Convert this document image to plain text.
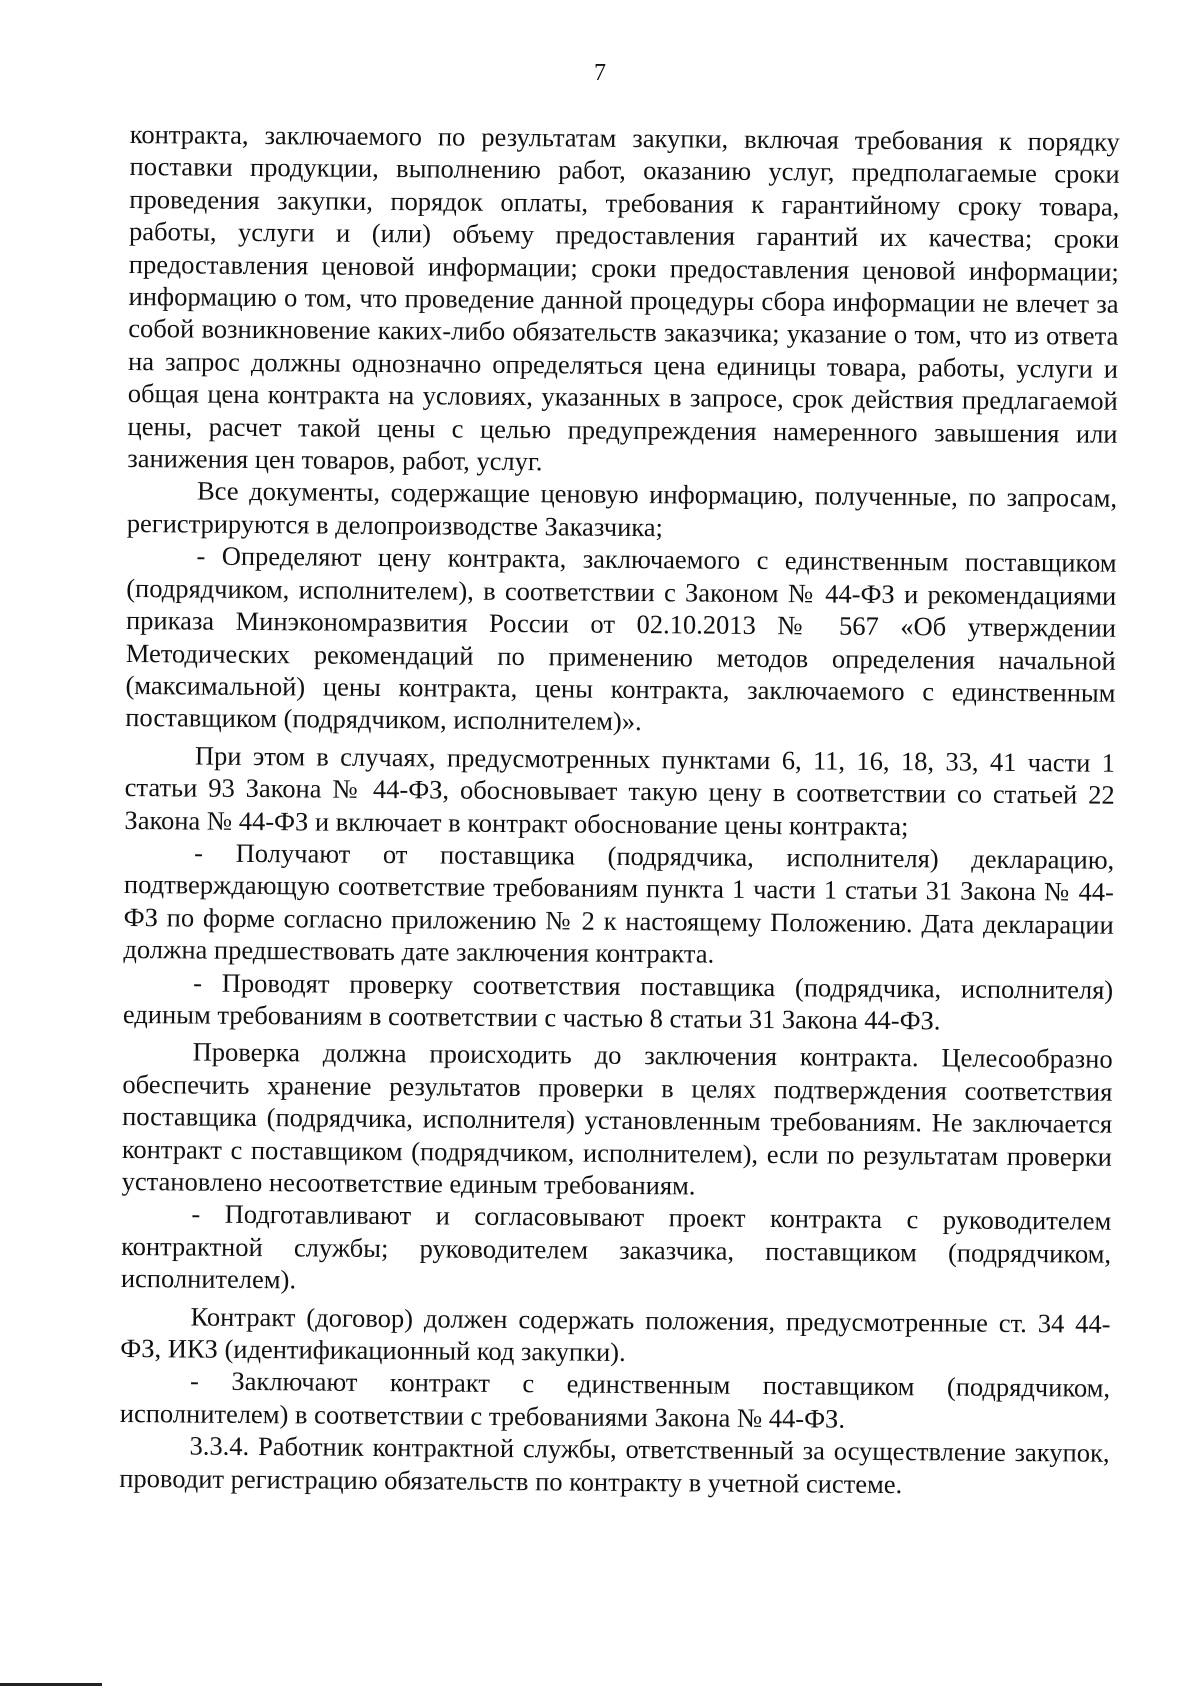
7

контракта, заключаемого по результатам закупки, включая требования к порядку поставки продукции, выполнению работ, оказанию услуг, предполагаемые сроки проведения закупки, порядок оплаты, требования к гарантийному сроку товара, работы, услуги и (или) объему предоставления гарантий их качества; сроки предоставления ценовой информации; сроки предоставления ценовой информации; информацию о том, что проведение данной процедуры сбора информации не влечет за собой возникновение каких-либо обязательств заказчика; указание о том, что из ответа на запрос должны однозначно определяться цена единицы товара, работы, услуги и общая цена контракта на условиях, указанных в запросе, срок действия предлагаемой цены, расчет такой цены с целью предупреждения намеренного завышения или занижения цен товаров, работ, услуг.

Все документы, содержащие ценовую информацию, полученные, по запросам, регистрируются в делопроизводстве Заказчика;

- Определяют цену контракта, заключаемого с единственным поставщиком (подрядчиком, исполнителем), в соответствии с Законом № 44-ФЗ и рекомендациями приказа Минэкономразвития России от 02.10.2013 № 567 «Об утверждении Методических рекомендаций по применению методов определения начальной (максимальной) цены контракта, цены контракта, заключаемого с единственным поставщиком (подрядчиком, исполнителем)».

При этом в случаях, предусмотренных пунктами 6, 11, 16, 18, 33, 41 части 1 статьи 93 Закона № 44-ФЗ, обосновывает такую цену в соответствии со статьей 22 Закона № 44-ФЗ и включает в контракт обоснование цены контракта;

- Получают от поставщика (подрядчика, исполнителя) декларацию, подтверждающую соответствие требованиям пункта 1 части 1 статьи 31 Закона № 44-ФЗ по форме согласно приложению № 2 к настоящему Положению. Дата декларации должна предшествовать дате заключения контракта.

- Проводят проверку соответствия поставщика (подрядчика, исполнителя) единым требованиям в соответствии с частью 8 статьи 31 Закона 44-ФЗ.

Проверка должна происходить до заключения контракта. Целесообразно обеспечить хранение результатов проверки в целях подтверждения соответствия поставщика (подрядчика, исполнителя) установленным требованиям. Не заключается контракт с поставщиком (подрядчиком, исполнителем), если по результатам проверки установлено несоответствие единым требованиям.

- Подготавливают и согласовывают проект контракта с руководителем контрактной службы; руководителем заказчика, поставщиком (подрядчиком, исполнителем).

Контракт (договор) должен содержать положения, предусмотренные ст. 34 44-ФЗ, ИКЗ (идентификационный код закупки).

- Заключают контракт с единственным поставщиком (подрядчиком, исполнителем) в соответствии с требованиями Закона № 44-ФЗ.

3.3.4. Работник контрактной службы, ответственный за осуществление закупок, проводит регистрацию обязательств по контракту в учетной системе.
